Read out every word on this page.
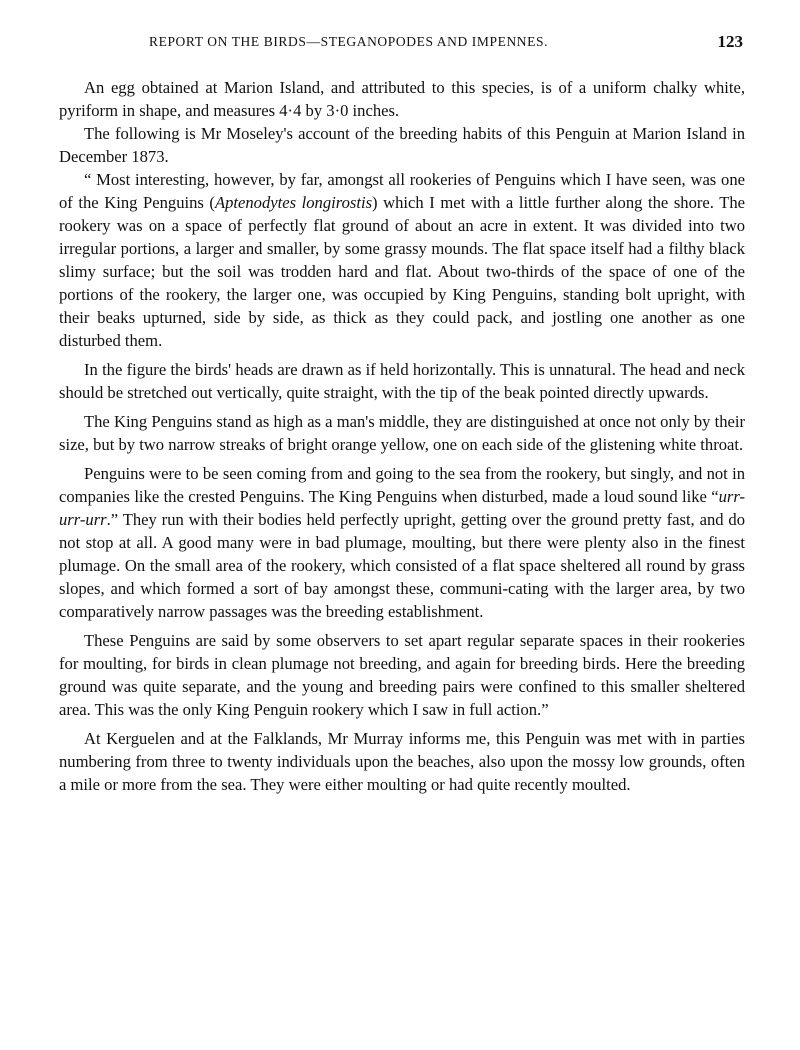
REPORT ON THE BIRDS—STEGANOPODES AND IMPENNES.	123

An egg obtained at Marion Island, and attributed to this species, is of a uniform chalky white, pyriform in shape, and measures 4·4 by 3·0 inches.

The following is Mr Moseley's account of the breeding habits of this Penguin at Marion Island in December 1873.

“ Most interesting, however, by far, amongst all rookeries of Penguins which I have seen, was one of the King Penguins (Aptenodytes longirostis) which I met with a little further along the shore. The rookery was on a space of perfectly flat ground of about an acre in extent. It was divided into two irregular portions, a larger and smaller, by some grassy mounds. The flat space itself had a filthy black slimy surface; but the soil was trodden hard and flat. About two-thirds of the space of one of the portions of the rookery, the larger one, was occupied by King Penguins, standing bolt upright, with their beaks upturned, side by side, as thick as they could pack, and jostling one another as one disturbed them.

In the figure the birds' heads are drawn as if held horizontally. This is unnatural. The head and neck should be stretched out vertically, quite straight, with the tip of the beak pointed directly upwards.

The King Penguins stand as high as a man's middle, they are distinguished at once not only by their size, but by two narrow streaks of bright orange yellow, one on each side of the glistening white throat.

Penguins were to be seen coming from and going to the sea from the rookery, but singly, and not in companies like the crested Penguins. The King Penguins when disturbed, made a loud sound like “urr-urr-urr.” They run with their bodies held perfectly upright, getting over the ground pretty fast, and do not stop at all. A good many were in bad plumage, moulting, but there were plenty also in the finest plumage. On the small area of the rookery, which consisted of a flat space sheltered all round by grass slopes, and which formed a sort of bay amongst these, communi-cating with the larger area, by two comparatively narrow passages was the breeding establishment.

These Penguins are said by some observers to set apart regular separate spaces in their rookeries for moulting, for birds in clean plumage not breeding, and again for breeding birds. Here the breeding ground was quite separate, and the young and breeding pairs were confined to this smaller sheltered area. This was the only King Penguin rookery which I saw in full action.”

At Kerguelen and at the Falklands, Mr Murray informs me, this Penguin was met with in parties numbering from three to twenty individuals upon the beaches, also upon the mossy low grounds, often a mile or more from the sea. They were either moulting or had quite recently moulted.
